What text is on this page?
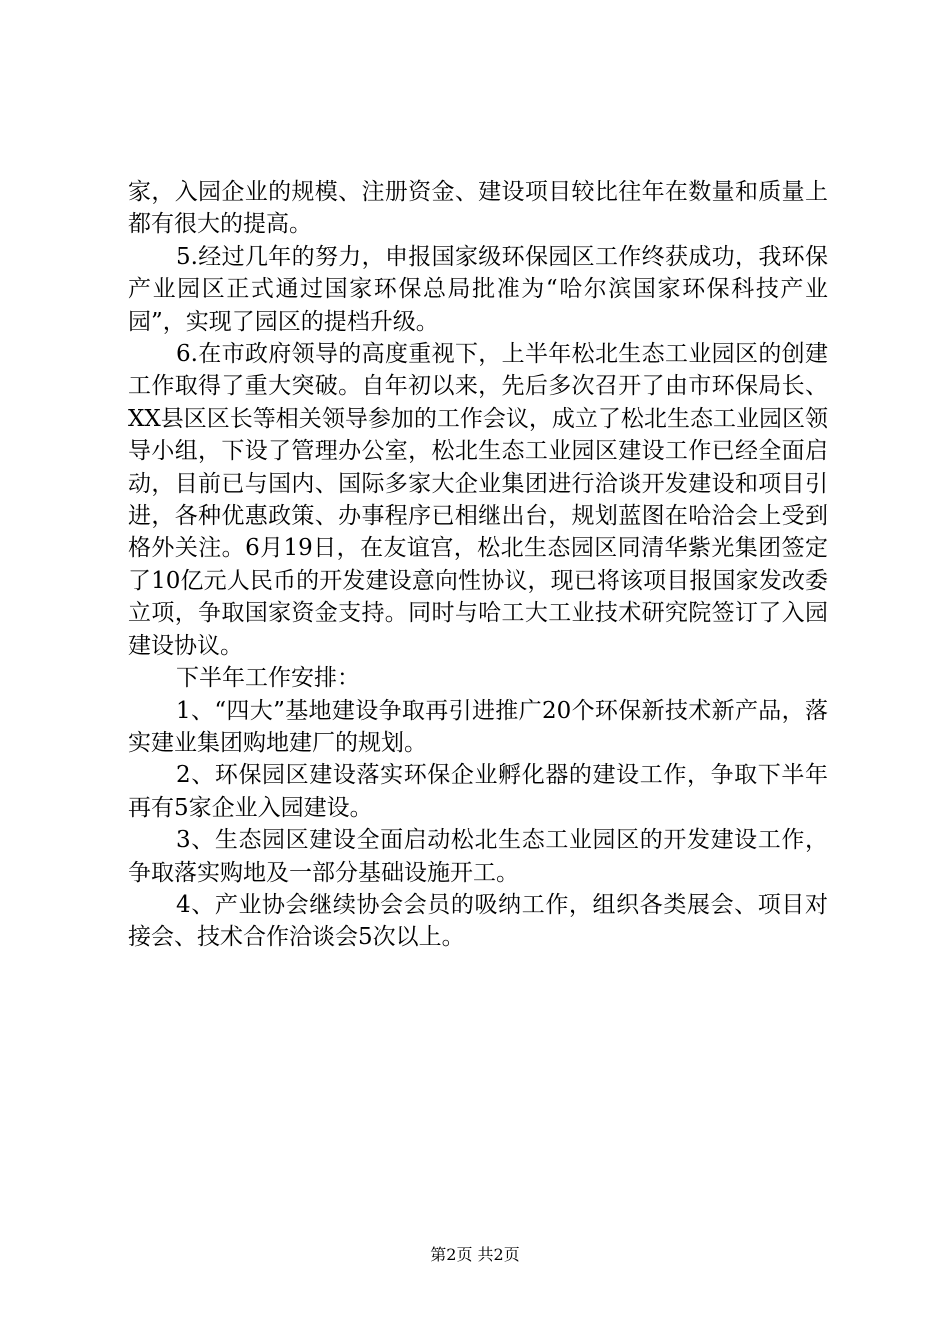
家，入园企业的规模、注册资金、建设项目较比往年在数量和质量上都有很大的提高。

5.经过几年的努力，申报国家级环保园区工作终获成功，我环保产业园区正式通过国家环保总局批准为“哈尔滨国家环保科技产业园”，实现了园区的提档升级。

6.在市政府领导的高度重视下，上半年松北生态工业园区的创建工作取得了重大突破。自年初以来，先后多次召开了由市环保局长、XX县区区长等相关领导参加的工作会议，成立了松北生态工业园区领导小组，下设了管理办公室，松北生态工业园区建设工作已经全面启动，目前已与国内、国际多家大企业集团进行洽谈开发建设和项目引进，各种优惠政策、办事程序已相继出台，规划蓝图在哈洽会上受到格外关注。6月19日，在友谊宫，松北生态园区同清华紫光集团签定了10亿元人民币的开发建设意向性协议，现已将该项目报国家发改委立项，争取国家资金支持。同时与哈工大工业技术研究院签订了入园建设协议。

下半年工作安排：

1、“四大”基地建设争取再引进推广20个环保新技术新产品，落实建业集团购地建厂的规划。

2、环保园区建设落实环保企业孵化器的建设工作，争取下半年再有5家企业入园建设。

3、生态园区建设全面启动松北生态工业园区的开发建设工作，争取落实购地及一部分基础设施开工。

4、产业协会继续协会会员的吸纳工作，组织各类展会、项目对接会、技术合作洽谈会5次以上。

第2页 共2页
